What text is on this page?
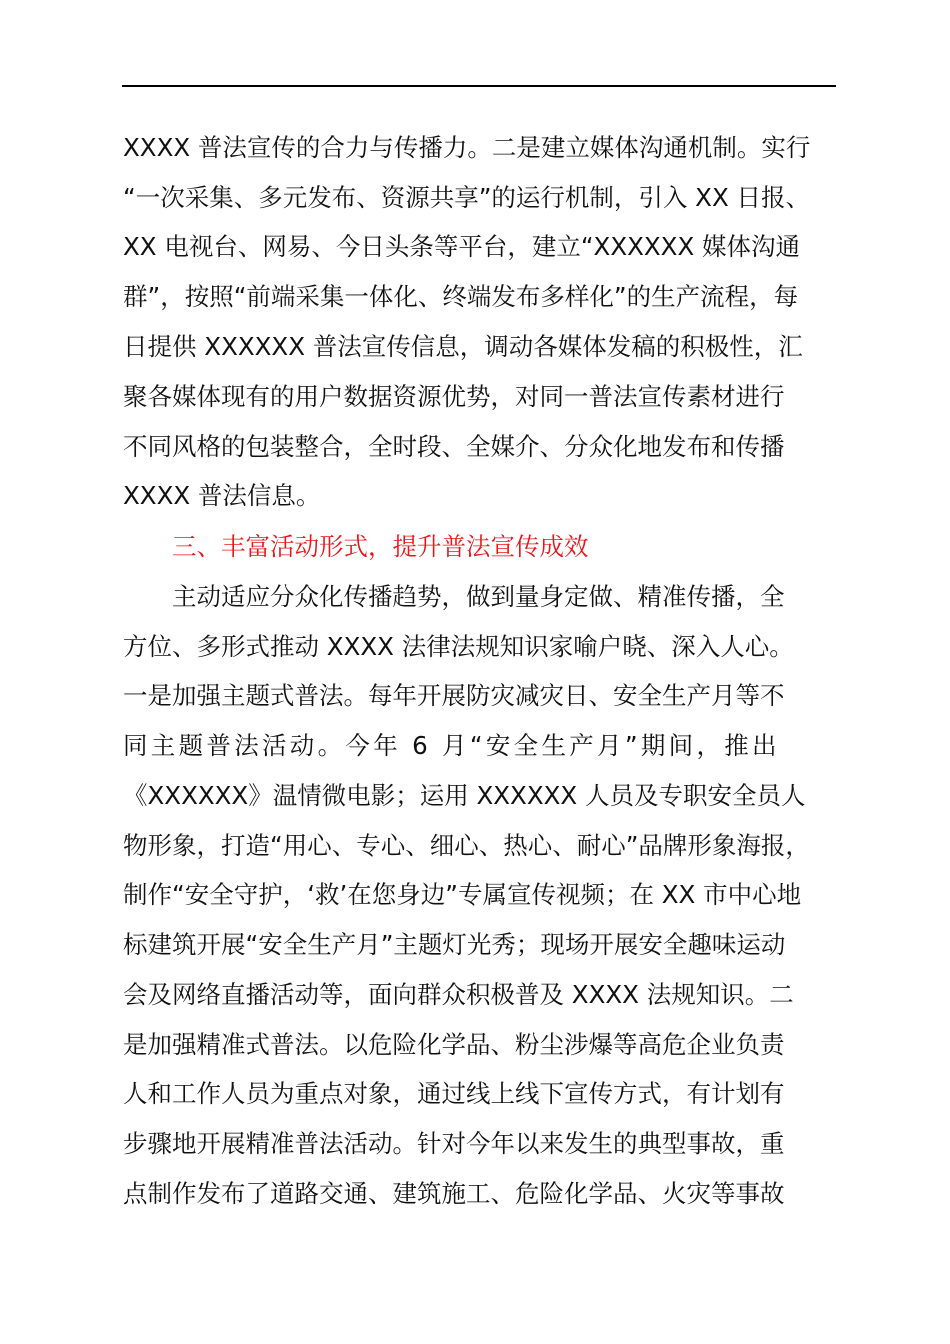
XXXX 普法宣传的合力与传播力。二是建立媒体沟通机制。实行
“一次采集、多元发布、资源共享”的运行机制，引入 XX 日报、
XX 电视台、网易、今日头条等平台，建立“XXXXXX 媒体沟通
群”，按照“前端采集一体化、终端发布多样化”的生产流程，每
日提供 XXXXXX 普法宣传信息，调动各媒体发稿的积极性，汇
聚各媒体现有的用户数据资源优势，对同一普法宣传素材进行
不同风格的包装整合，全时段、全媒介、分众化地发布和传播
XXXX 普法信息。
三、丰富活动形式，提升普法宣传成效
主动适应分众化传播趋势，做到量身定做、精准传播，全
方位、多形式推动 XXXX 法律法规知识家喻户晓、深入人心。
一是加强主题式普法。每年开展防灾减灾日、安全生产月等不
同主题普法活动。今年 6 月“安全生产月”期间，推出
《XXXXXX》温情微电影；运用 XXXXXX 人员及专职安全员人
物形象，打造“用心、专心、细心、热心、耐心”品牌形象海报，
制作“安全守护，‘救’在您身边”专属宣传视频；在 XX 市中心地
标建筑开展“安全生产月”主题灯光秀；现场开展安全趣味运动
会及网络直播活动等，面向群众积极普及 XXXX 法规知识。二
是加强精准式普法。以危险化学品、粉尘涉爆等高危企业负责
人和工作人员为重点对象，通过线上线下宣传方式，有计划有
步骤地开展精准普法活动。针对今年以来发生的典型事故，重
点制作发布了道路交通、建筑施工、危险化学品、火灾等事故
